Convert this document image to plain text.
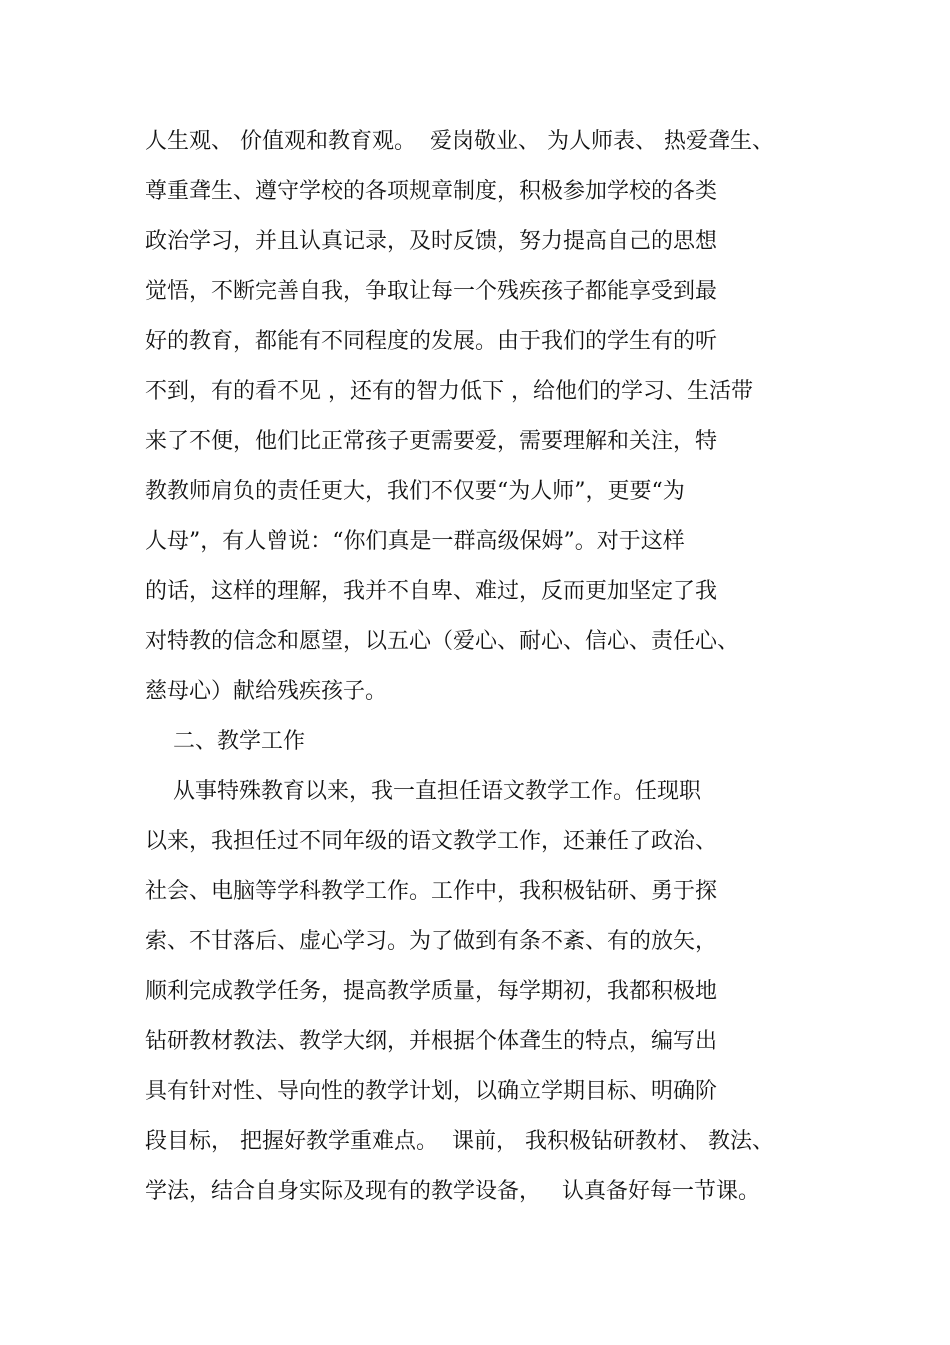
人生观、 价值观和教育观。  爱岗敬业、 为人师表、 热爱聋生、
尊重聋生、遵守学校的各项规章制度，积极参加学校的各类
政治学习，并且认真记录，及时反馈，努力提高自己的思想
觉悟，不断完善自我，争取让每一个残疾孩子都能享受到最
好的教育，都能有不同程度的发展。由于我们的学生有的听
不到，有的看不见 ，还有的智力低下 ，给他们的学习、生活带
来了不便，他们比正常孩子更需要爱，需要理解和关注，特
教教师肩负的责任更大，我们不仅要“为人师”，更要“为
人母”，有人曾说：“你们真是一群高级保姆”。对于这样
的话，这样的理解，我并不自卑、难过，反而更加坚定了我
对特教的信念和愿望，以五心（爱心、耐心、信心、责任心、
慈母心）献给残疾孩子。
二、教学工作
从事特殊教育以来，我一直担任语文教学工作。任现职
以来，我担任过不同年级的语文教学工作，还兼任了政治、
社会、电脑等学科教学工作。工作中，我积极钻研、勇于探
索、不甘落后、虚心学习。为了做到有条不紊、有的放矢，
顺利完成教学任务，提高教学质量，每学期初，我都积极地
钻研教材教法、教学大纲，并根据个体聋生的特点，编写出
具有针对性、导向性的教学计划，以确立学期目标、明确阶
段目标， 把握好教学重难点。  课前， 我积极钻研教材、 教法、
学法，结合自身实际及现有的教学设备，   认真备好每一节课。
